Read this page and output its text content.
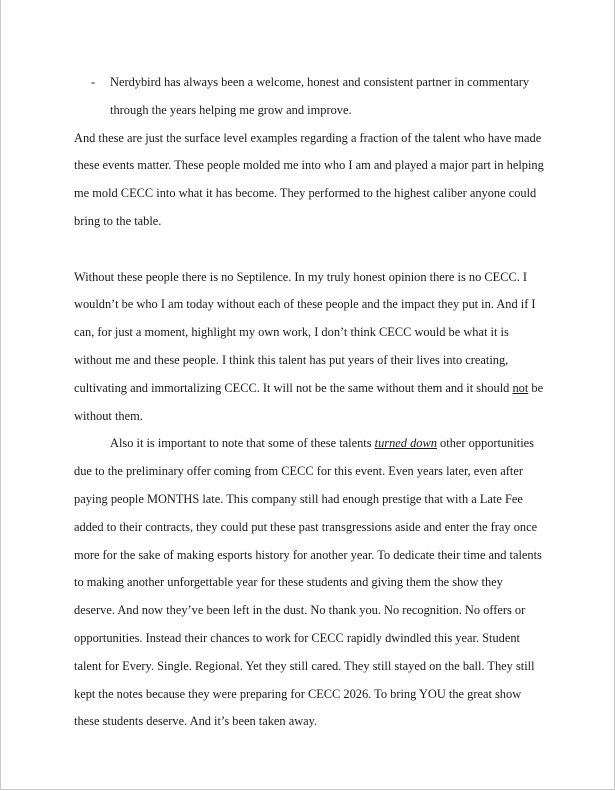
- Nerdybird has always been a welcome, honest and consistent partner in commentary through the years helping me grow and improve.

And these are just the surface level examples regarding a fraction of the talent who have made these events matter. These people molded me into who I am and played a major part in helping me mold CECC into what it has become. They performed to the highest caliber anyone could bring to the table.

Without these people there is no Septilence. In my truly honest opinion there is no CECC. I wouldn’t be who I am today without each of these people and the impact they put in. And if I can, for just a moment, highlight my own work, I don’t think CECC would be what it is without me and these people. I think this talent has put years of their lives into creating, cultivating and immortalizing CECC. It will not be the same without them and it should not be without them.

Also it is important to note that some of these talents turned down other opportunities due to the preliminary offer coming from CECC for this event. Even years later, even after paying people MONTHS late. This company still had enough prestige that with a Late Fee added to their contracts, they could put these past transgressions aside and enter the fray once more for the sake of making esports history for another year. To dedicate their time and talents to making another unforgettable year for these students and giving them the show they deserve. And now they’ve been left in the dust. No thank you. No recognition. No offers or opportunities. Instead their chances to work for CECC rapidly dwindled this year. Student talent for Every. Single. Regional. Yet they still cared. They still stayed on the ball. They still kept the notes because they were preparing for CECC 2026. To bring YOU the great show these students deserve. And it’s been taken away.
